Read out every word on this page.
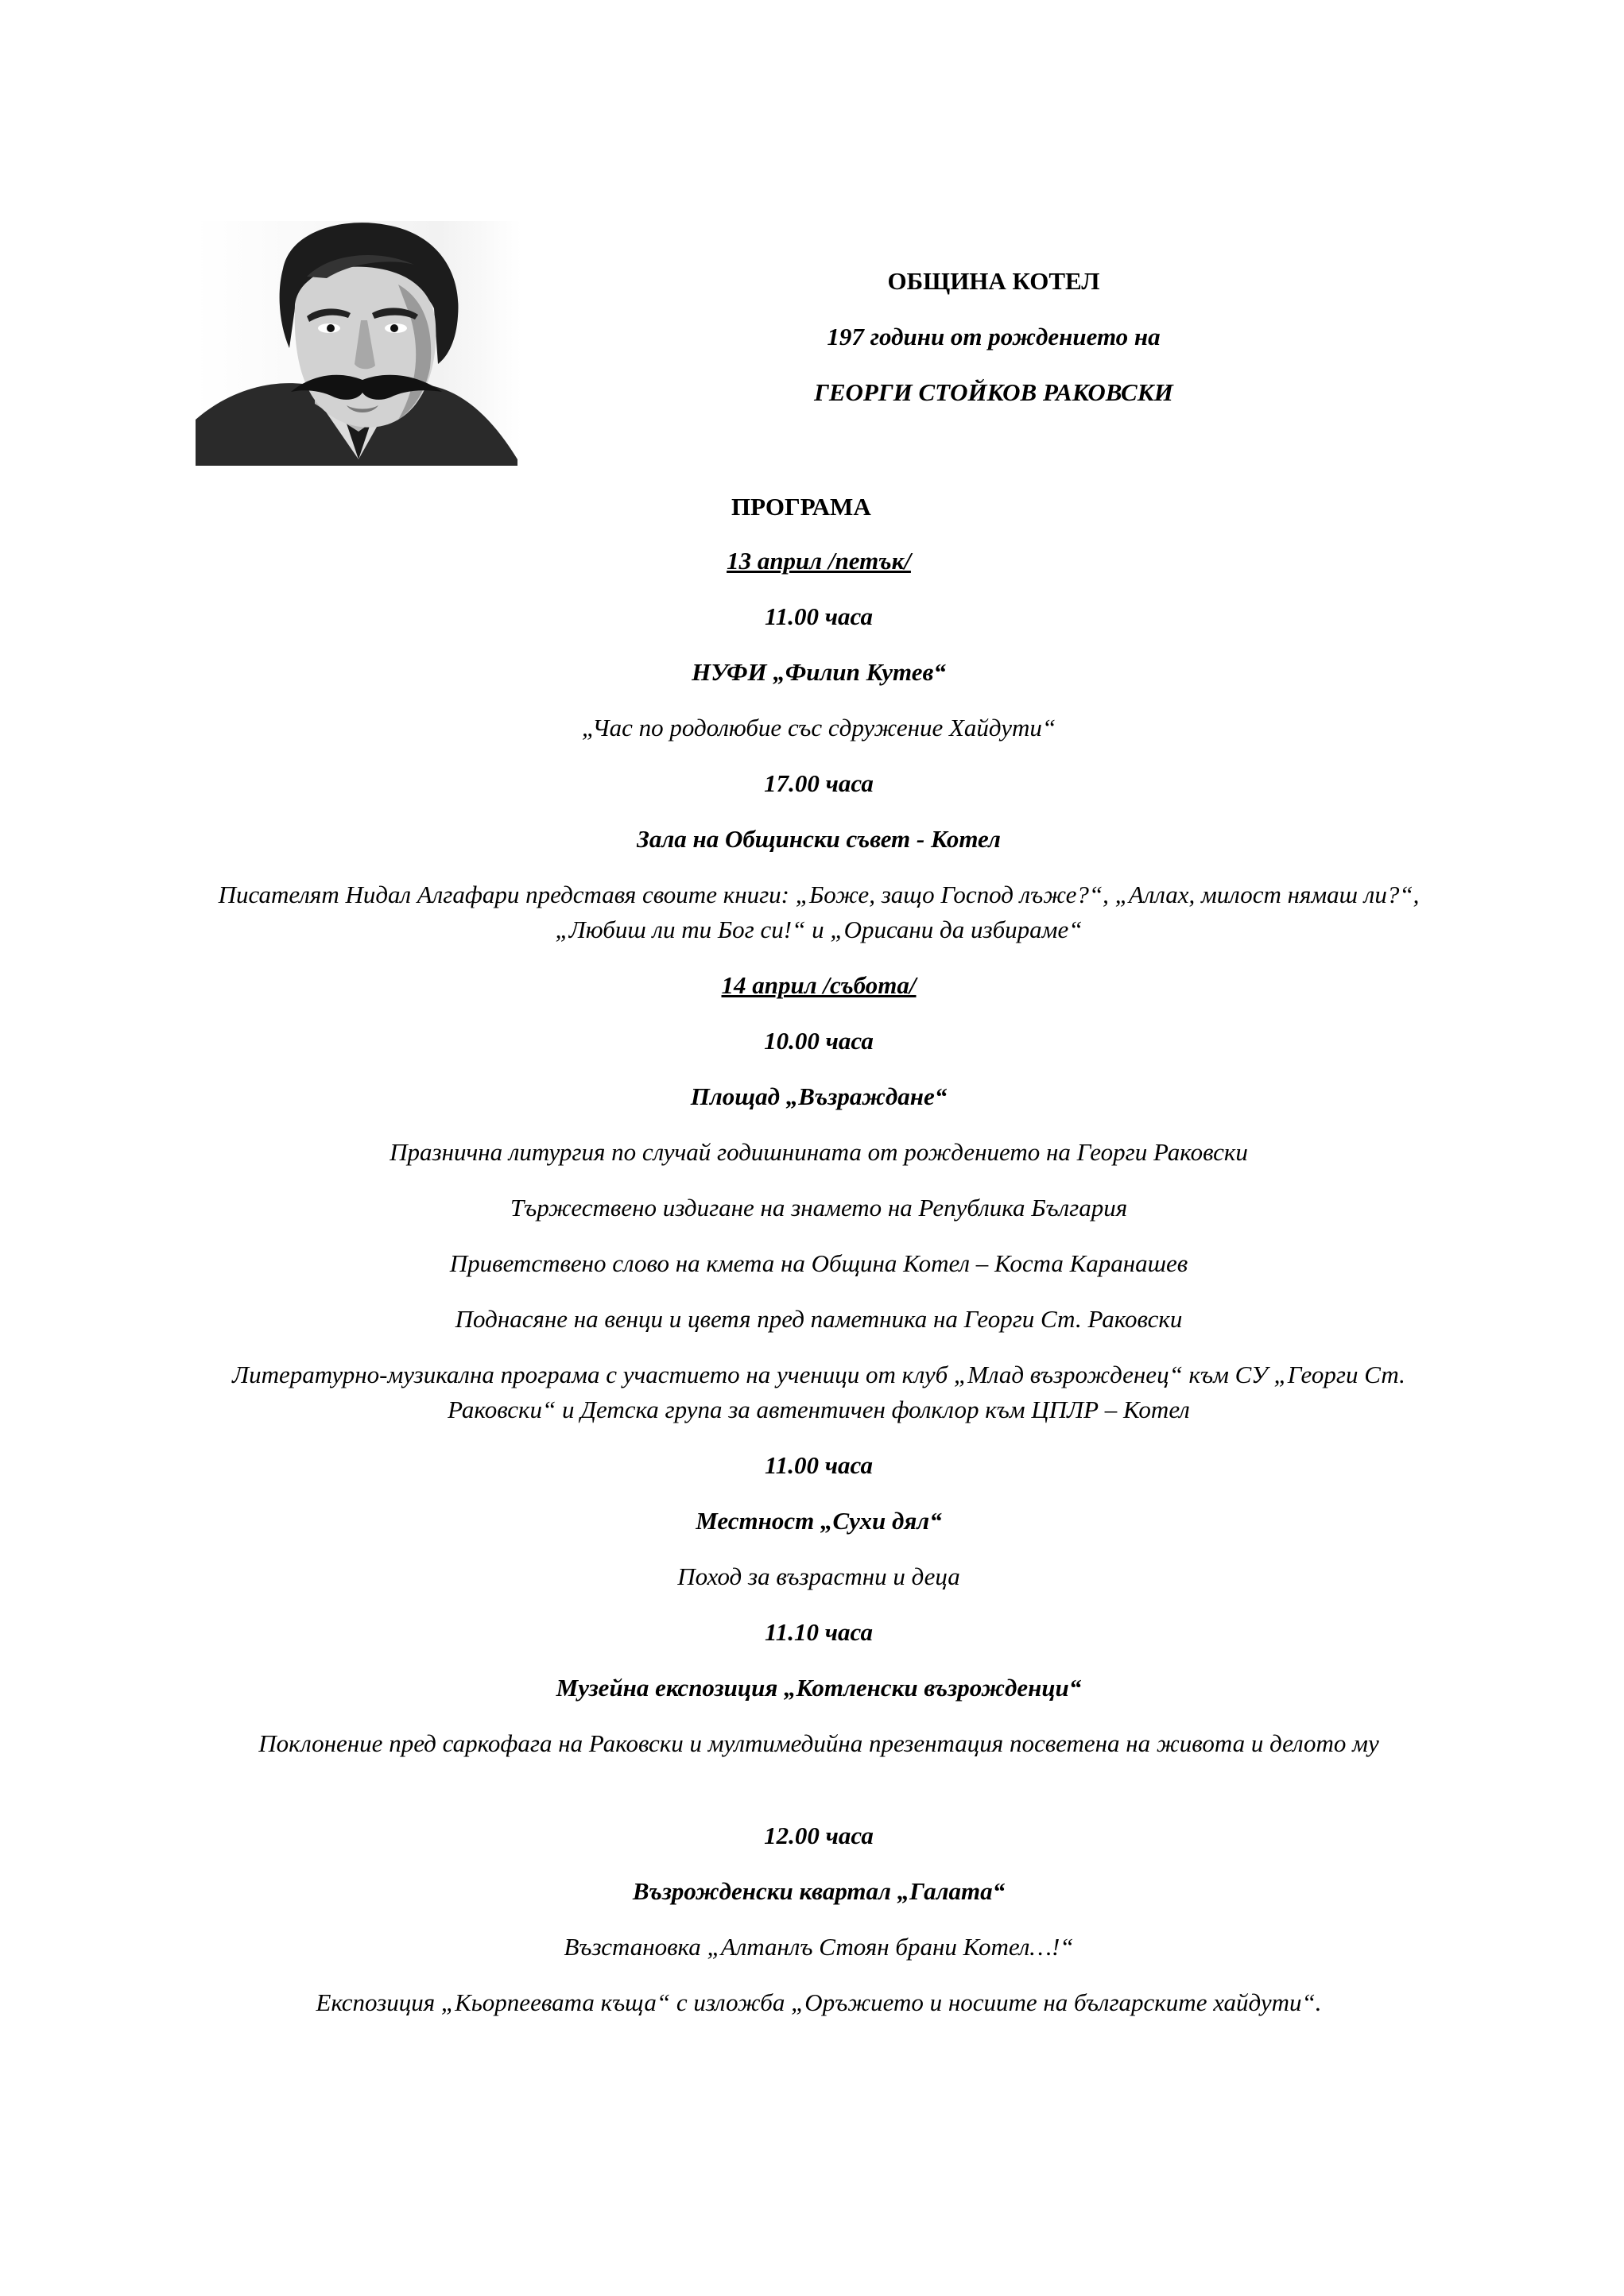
ОБЩИНА КОТЕЛ
197 години от рождението на
ГЕОРГИ СТОЙКОВ РАКОВСКИ
ПРОГРАМА
13 април /петък/
11.00 часа
НУФИ „Филип Кутев“
„Час по родолюбие със сдружение Хайдути“
17.00 часа
Зала на Общински съвет - Котел
Писателят Нидал Алгафари представя своите книги: „Боже, защо Господ лъже?“, „Аллах, милост нямаш ли?“, „Любиш ли ти Бог си!“ и „Орисани да избираме“
14 април /събота/
10.00 часа
Площад „Възраждане“
Празнична литургия по случай годишнината от рождението на Георги Раковски
Тържествено издигане на знамето на Република България
Приветствено слово на кмета на Община Котел – Коста Каранашев
Поднасяне на венци и цветя пред паметника на Георги Ст. Раковски
Литературно-музикална програма с участието на ученици от клуб „Млад възрожденец“ към СУ „Георги Ст. Раковски“ и Детска група за автентичен фолклор към ЦПЛР – Котел
11.00 часа
Местност „Сухи дял“
Поход за възрастни и деца
11.10 часа
Музейна експозиция „Котленски възрожденци“
Поклонение пред саркофага на Раковски и мултимедийна презентация посветена на живота и делото му
12.00 часа
Възрожденски квартал „Галата“
Възстановка „Алтанлъ Стоян брани Котел…!“
Експозиция „Кьорпеевата къща“ с изложба „Оръжието и носиите на българските хайдути“.
